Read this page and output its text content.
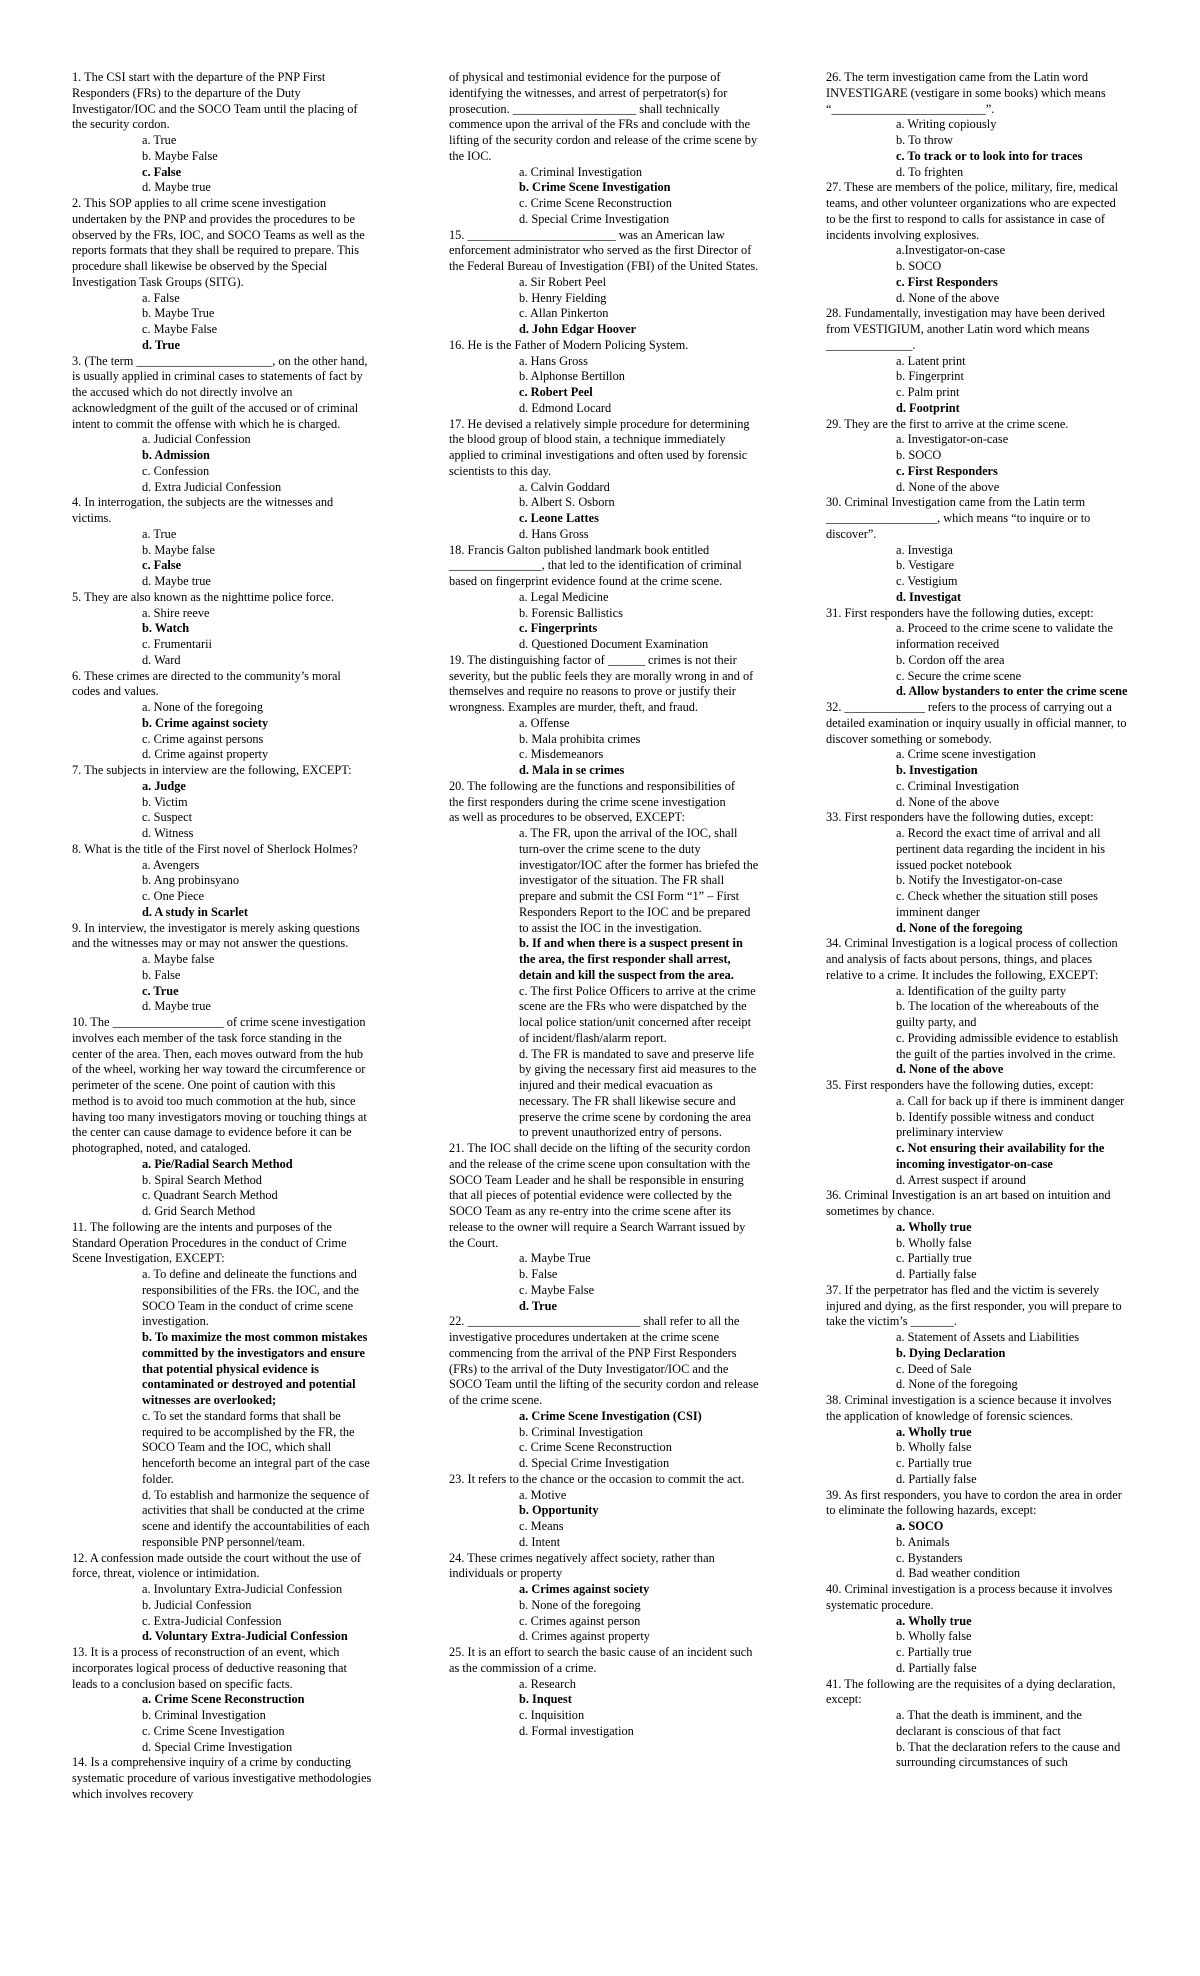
1. The CSI start with the departure of the PNP First Responders (FRs) to the departure of the Duty Investigator/IOC and the SOCO Team until the placing of the security cordon.

a. True

b. Maybe False

c. False

d. Maybe true

2. This SOP applies to all crime scene investigation undertaken by the PNP and provides the procedures to be observed by the FRs, IOC, and SOCO Teams as well as the reports formats that they shall be required to prepare. This procedure shall likewise be observed by the Special Investigation Task Groups (SITG).

a. False

b. Maybe True

c. Maybe False

d. True

3. (The term ______________________, on the other hand, is usually applied in criminal cases to statements of fact by the accused which do not directly involve an acknowledgment of the guilt of the accused or of criminal intent to commit the offense with which he is charged.

a. Judicial Confession

b. Admission

c. Confession

d. Extra Judicial Confession

4. In interrogation, the subjects are the witnesses and victims.

a. True

b. Maybe false

c. False

d. Maybe true

5. They are also known as the nighttime police force.

a. Shire reeve

b. Watch

c. Frumentarii

d. Ward

6. These crimes are directed to the community’s moral codes and values.

a. None of the foregoing

b. Crime against society

c. Crime against persons

d. Crime against property

7. The subjects in interview are the following, EXCEPT:

a. Judge

b. Victim

c. Suspect

d. Witness

8. What is the title of the First novel of Sherlock Holmes?

a. Avengers

b. Ang probinsyano

c. One Piece

d. A study in Scarlet

9. In interview, the investigator is merely asking questions and the witnesses may or may not answer the questions.

a. Maybe false

b. False

c. True

d. Maybe true

10. The __________________ of crime scene investigation involves each member of the task force standing in the center of the area. Then, each moves outward from the hub of the wheel, working her way toward the circumference or perimeter of the scene. One point of caution with this method is to avoid too much commotion at the hub, since having too many investigators moving or touching things at the center can cause damage to evidence before it can be photographed, noted, and cataloged.

a. Pie/Radial Search Method

b. Spiral Search Method

c. Quadrant Search Method

d. Grid Search Method

11. The following are the intents and purposes of the Standard Operation Procedures in the conduct of Crime Scene Investigation, EXCEPT:

a. To define and delineate the functions and responsibilities of the FRs. the IOC, and the SOCO Team in the conduct of crime scene investigation.

b. To maximize the most common mistakes committed by the investigators and ensure that potential physical evidence is contaminated or destroyed and potential witnesses are overlooked;

c. To set the standard forms that shall be required to be accomplished by the FR, the SOCO Team and the IOC, which shall henceforth become an integral part of the case folder.

d. To establish and harmonize the sequence of activities that shall be conducted at the crime scene and identify the accountabilities of each responsible PNP personnel/team.

12. A confession made outside the court without the use of force, threat, violence or intimidation.

a. Involuntary Extra-Judicial Confession

b. Judicial Confession

c. Extra-Judicial Confession

d. Voluntary Extra-Judicial Confession

13. It is a process of reconstruction of an event, which incorporates logical process of deductive reasoning that leads to a conclusion based on specific facts.

a. Crime Scene Reconstruction

b. Criminal Investigation

c. Crime Scene Investigation

d. Special Crime Investigation

14. Is a comprehensive inquiry of a crime by conducting systematic procedure of various investigative methodologies which involves recovery

of physical and testimonial evidence for the purpose of identifying the witnesses, and arrest of perpetrator(s) for prosecution. ____________________ shall technically commence upon the arrival of the FRs and conclude with the lifting of the security cordon and release of the crime scene by the IOC.

a. Criminal Investigation

b. Crime Scene Investigation

c. Crime Scene Reconstruction

d. Special Crime Investigation

15. ________________________ was an American law enforcement administrator who served as the first Director of the Federal Bureau of Investigation (FBI) of the United States.

a. Sir Robert Peel

b. Henry Fielding

c. Allan Pinkerton

d. John Edgar Hoover

16. He is the Father of Modern Policing System.

a. Hans Gross

b. Alphonse Bertillon

c. Robert Peel

d. Edmond Locard

17. He devised a relatively simple procedure for determining the blood group of blood stain, a technique immediately applied to criminal investigations and often used by forensic scientists to this day.

a. Calvin Goddard

b. Albert S. Osborn

c. Leone Lattes

d. Hans Gross

18. Francis Galton published landmark book entitled _______________, that led to the identification of criminal based on fingerprint evidence found at the crime scene.

a. Legal Medicine

b. Forensic Ballistics

c. Fingerprints

d. Questioned Document Examination

19. The distinguishing factor of ______ crimes is not their severity, but the public feels they are morally wrong in and of themselves and require no reasons to prove or justify their wrongness. Examples are murder, theft, and fraud.

a. Offense

b. Mala prohibita crimes

c. Misdemeanors

d. Mala in se crimes

20. The following are the functions and responsibilities of

the first responders during the crime scene investigation

as well as procedures to be observed, EXCEPT:

a. The FR, upon the arrival of the IOC, shall turn-over the crime scene to the duty investigator/IOC after the former has briefed the investigator of the situation. The FR shall prepare and submit the CSI Form “1” – First Responders Report to the IOC and be prepared to assist the IOC in the investigation.

b. If and when there is a suspect present in the area, the first responder shall arrest, detain and kill the suspect from the area.

c. The first Police Officers to arrive at the crime scene are the FRs who were dispatched by the local police station/unit concerned after receipt of incident/flash/alarm report.

d. The FR is mandated to save and preserve life by giving the necessary first aid measures to the injured and their medical evacuation as necessary. The FR shall likewise secure and preserve the crime scene by cordoning the area to prevent unauthorized entry of persons.

21. The IOC shall decide on the lifting of the security cordon and the release of the crime scene upon consultation with the SOCO Team Leader and he shall be responsible in ensuring that all pieces of potential evidence were collected by the SOCO Team as any re-entry into the crime scene after its release to the owner will require a Search Warrant issued by the Court.

a. Maybe True

b. False

c. Maybe False

d. True

22. ____________________________ shall refer to all the investigative procedures undertaken at the crime scene commencing from the arrival of the PNP First Responders (FRs) to the arrival of the Duty Investigator/IOC and the SOCO Team until the lifting of the security cordon and release of the crime scene.

a. Crime Scene Investigation (CSI)

b. Criminal Investigation

c. Crime Scene Reconstruction

d. Special Crime Investigation

23. It refers to the chance or the occasion to commit the act.

a. Motive

b. Opportunity

c. Means

d. Intent

24. These crimes negatively affect society, rather than individuals or property

a. Crimes against society

b. None of the foregoing

c. Crimes against person

d. Crimes against property

25. It is an effort to search the basic cause of an incident such as the commission of a crime.

a. Research

b. Inquest

c. Inquisition

d. Formal investigation

26. The term investigation came from the Latin word INVESTIGARE (vestigare in some books) which means

“_________________________”.

a. Writing copiously

b. To throw

c. To track or to look into for traces

d. To frighten

27. These are members of the police, military, fire, medical

teams, and other volunteer organizations who are expected to be the first to respond to calls for assistance in case of incidents involving explosives.

a.Investigator-on-case

b. SOCO

c. First Responders

d. None of the above

28. Fundamentally, investigation may have been derived from VESTIGIUM, another Latin word which means

______________.

a. Latent print

b. Fingerprint

c. Palm print

d. Footprint

29. They are the first to arrive at the crime scene.

a. Investigator-on-case

b. SOCO

c. First Responders

d. None of the above

30. Criminal Investigation came from the Latin term __________________, which means “to inquire or to discover”.

a. Investiga

b. Vestigare

c. Vestigium

d. Investigat

31. First responders have the following duties, except:

a. Proceed to the crime scene to validate the information received

b. Cordon off the area

c. Secure the crime scene

d. Allow bystanders to enter the crime scene

32. _____________ refers to the process of carrying out a detailed examination or inquiry usually in official manner, to discover something or somebody.

a. Crime scene investigation

b. Investigation

c. Criminal Investigation

d. None of the above

33. First responders have the following duties, except:

a. Record the exact time of arrival and all pertinent data regarding the incident in his issued pocket notebook

b. Notify the Investigator-on-case

c. Check whether the situation still poses imminent danger

d. None of the foregoing

34. Criminal Investigation is a logical process of collection and analysis of facts about persons, things, and places relative to a crime. It includes the following, EXCEPT:

a. Identification of the guilty party

b. The location of the whereabouts of the guilty party, and

c. Providing admissible evidence to establish the guilt of the parties involved in the crime.

d. None of the above

35. First responders have the following duties, except:

a. Call for back up if there is imminent danger

b. Identify possible witness and conduct preliminary interview

c. Not ensuring their availability for the incoming investigator-on-case

d. Arrest suspect if around

36. Criminal Investigation is an art based on intuition and sometimes by chance.

a. Wholly true

b. Wholly false

c. Partially true

d. Partially false

37. If the perpetrator has fled and the victim is severely injured and dying, as the first responder, you will prepare to take the victim’s _______.

a. Statement of Assets and Liabilities

b. Dying Declaration

c. Deed of Sale

d. None of the foregoing

38. Criminal investigation is a science because it involves the application of knowledge of forensic sciences.

a. Wholly true

b. Wholly false

c. Partially true

d. Partially false

39. As first responders, you have to cordon the area in order to eliminate the following hazards, except:

a. SOCO

b. Animals

c. Bystanders

d. Bad weather condition

40. Criminal investigation is a process because it involves systematic procedure.

a. Wholly true

b. Wholly false

c. Partially true

d. Partially false

41. The following are the requisites of a dying declaration, except:

a. That the death is imminent, and the declarant is conscious of that fact

b. That the declaration refers to the cause and surrounding circumstances of such
